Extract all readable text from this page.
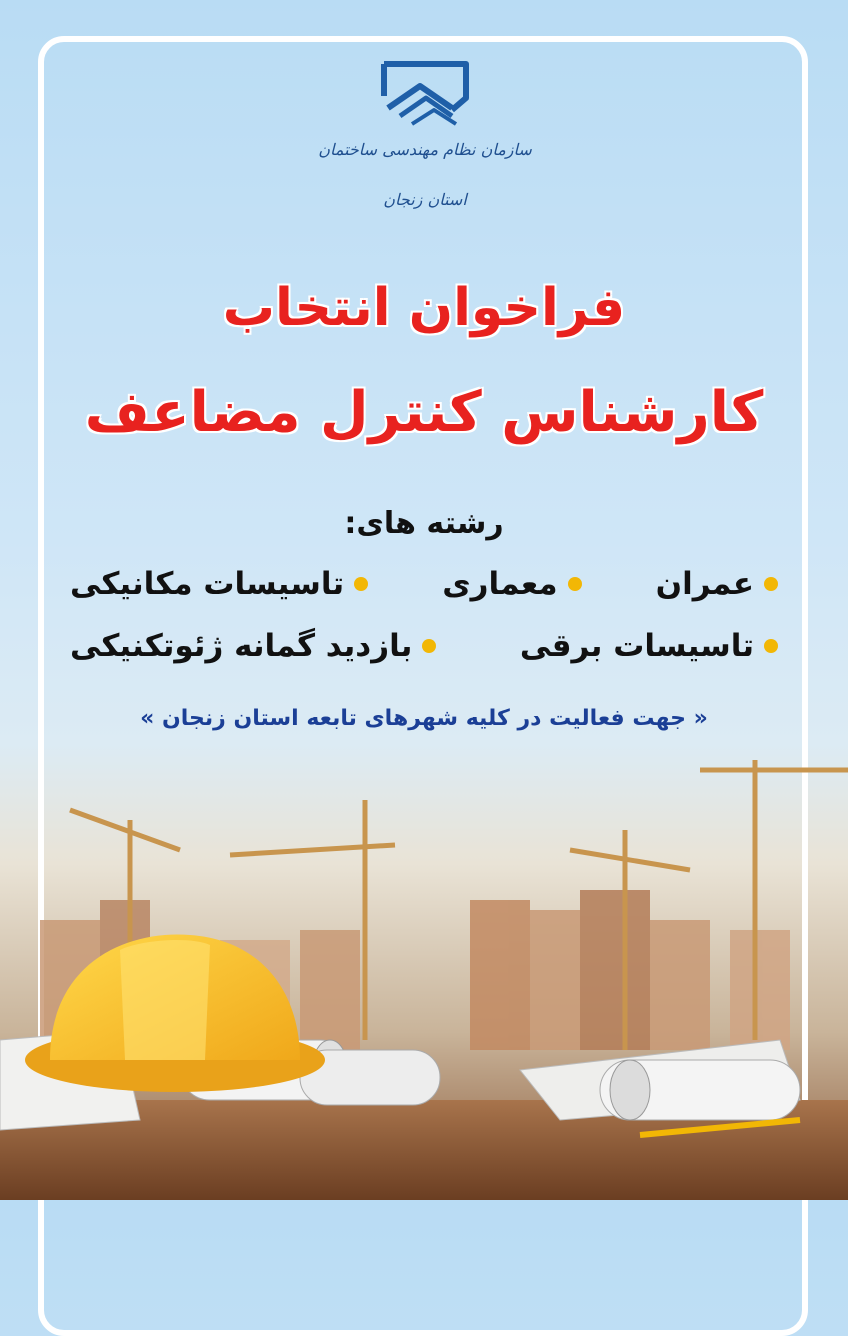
سازمان نظام مهندسی ساختمان
استان زنجان
فراخوان انتخاب
کارشناس کنترل مضاعف
رشته های:
عمران
معماری
تاسیسات مکانیکی
تاسیسات برقی
بازدید گمانه ژئوتکنیکی
« جهت فعالیت در کلیه شهرهای تابعه استان زنجان »
